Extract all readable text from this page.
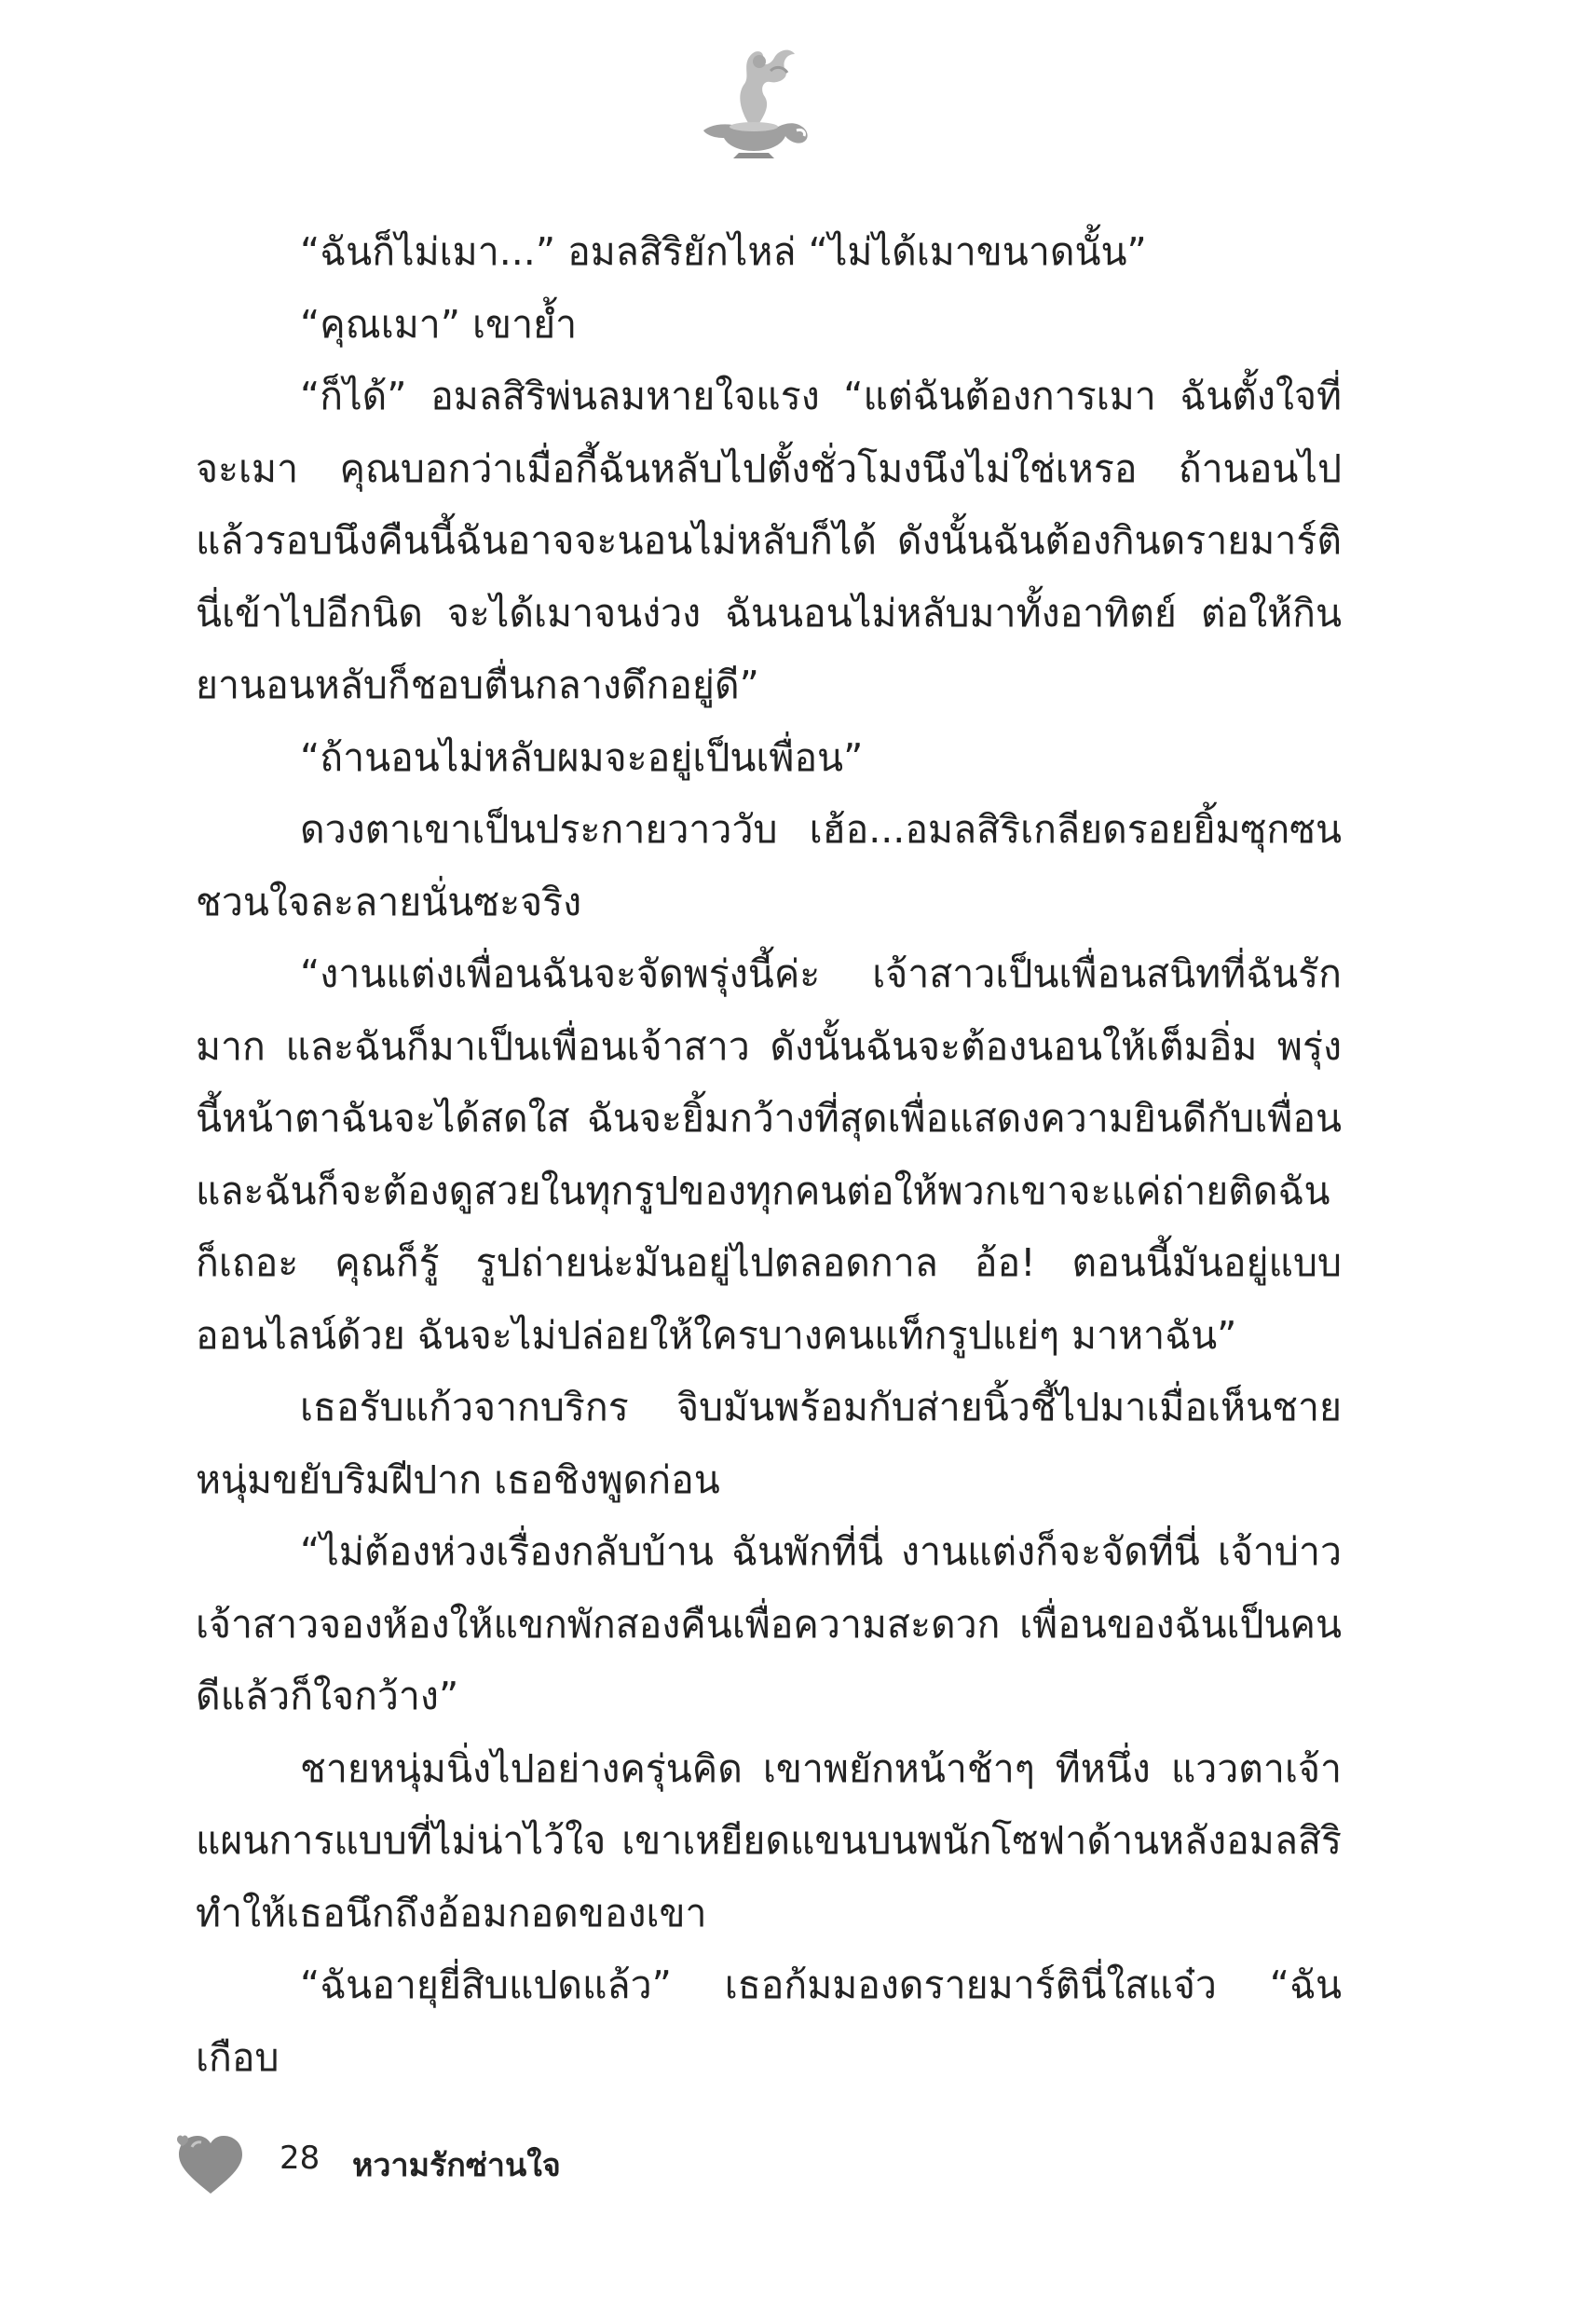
“ฉันก็ไม่เมา...” อมลสิริยักไหล่ “ไม่ได้เมาขนาดนั้น”

“คุณเมา” เขาย้ำ

“ก็ได้” อมลสิริพ่นลมหายใจแรง “แต่ฉันต้องการเมา ฉันตั้งใจที่จะเมา คุณบอกว่าเมื่อกี้ฉันหลับไปตั้งชั่วโมงนึงไม่ใช่เหรอ ถ้านอนไปแล้วรอบนึงคืนนี้ฉันอาจจะนอนไม่หลับก็ได้ ดังนั้นฉันต้องกินดรายมาร์ตินี่เข้าไปอีกนิด จะได้เมาจนง่วง ฉันนอนไม่หลับมาทั้งอาทิตย์ ต่อให้กินยานอนหลับก็ชอบตื่นกลางดึกอยู่ดี”

“ถ้านอนไม่หลับผมจะอยู่เป็นเพื่อน”

ดวงตาเขาเป็นประกายวาววับ เฮ้อ...อมลสิริเกลียดรอยยิ้มซุกซนชวนใจละลายนั่นซะจริง

“งานแต่งเพื่อนฉันจะจัดพรุ่งนี้ค่ะ เจ้าสาวเป็นเพื่อนสนิทที่ฉันรักมาก และฉันก็มาเป็นเพื่อนเจ้าสาว ดังนั้นฉันจะต้องนอนให้เต็มอิ่ม พรุ่งนี้หน้าตาฉันจะได้สดใส ฉันจะยิ้มกว้างที่สุดเพื่อแสดงความยินดีกับเพื่อน และฉันก็จะต้องดูสวยในทุกรูปของทุกคนต่อให้พวกเขาจะแค่ถ่ายติดฉันก็เถอะ คุณก็รู้ รูปถ่ายน่ะมันอยู่ไปตลอดกาล อ้อ! ตอนนี้มันอยู่แบบออนไลน์ด้วย ฉันจะไม่ปล่อยให้ใครบางคนแท็กรูปแย่ๆ มาหาฉัน”

เธอรับแก้วจากบริกร จิบมันพร้อมกับส่ายนิ้วชี้ไปมาเมื่อเห็นชายหนุ่มขยับริมฝีปาก เธอชิงพูดก่อน

“ไม่ต้องห่วงเรื่องกลับบ้าน ฉันพักที่นี่ งานแต่งก็จะจัดที่นี่ เจ้าบ่าวเจ้าสาวจองห้องให้แขกพักสองคืนเพื่อความสะดวก เพื่อนของฉันเป็นคนดีแล้วก็ใจกว้าง”

ชายหนุ่มนิ่งไปอย่างครุ่นคิด เขาพยักหน้าช้าๆ ทีหนึ่ง แววตาเจ้าแผนการแบบที่ไม่น่าไว้ใจ เขาเหยียดแขนบนพนักโซฟาด้านหลังอมลสิริ ทำให้เธอนึกถึงอ้อมกอดของเขา

“ฉันอายุยี่สิบแปดแล้ว” เธอก้มมองดรายมาร์ตินี่ใสแจ๋ว “ฉันเกือบ

28 หวามรักซ่านใจ
